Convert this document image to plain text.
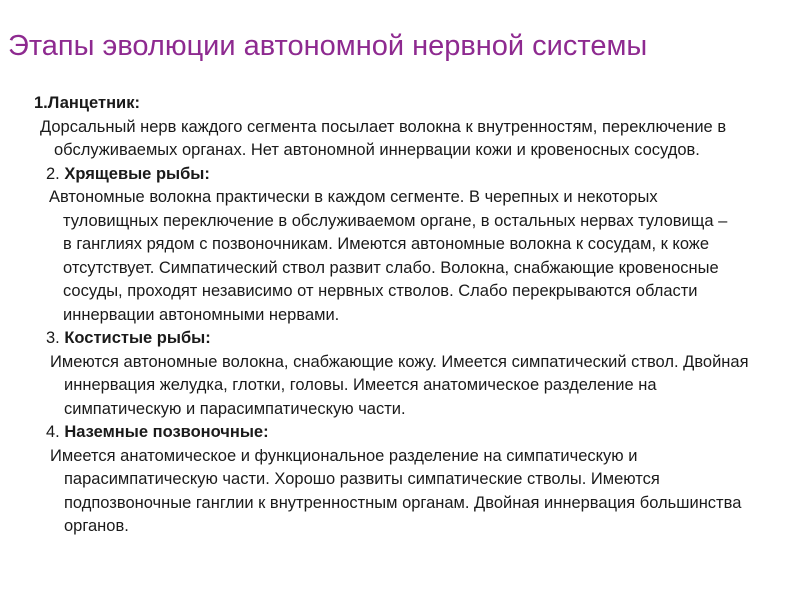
Этапы эволюции автономной нервной системы
1.Ланцетник:

Дорсальный нерв каждого сегмента посылает волокна к внутренностям, переключение в обслуживаемых органах. Нет автономной иннервации кожи и кровеносных сосудов.

2. Хрящевые рыбы:

Автономные волокна практически в каждом сегменте. В черепных и некоторых туловищных переключение в обслуживаемом органе, в остальных нервах туловища – в ганглиях рядом с позвоночникам. Имеются автономные волокна к сосудам, к коже отсутствует. Симпатический ствол развит слабо. Волокна, снабжающие кровеносные сосуды, проходят независимо от нервных стволов. Слабо перекрываются области иннервации автономными нервами.

3. Костистые рыбы:

Имеются автономные волокна, снабжающие кожу. Имеется симпатический ствол. Двойная иннервация желудка, глотки, головы. Имеется анатомическое разделение на симпатическую и парасимпатическую части.

4. Наземные позвоночные:

Имеется анатомическое и функциональное разделение на симпатическую и парасимпатическую части. Хорошо развиты симпатические стволы. Имеются подпозвоночные ганглии к внутренностным органам. Двойная иннервация большинства органов.
